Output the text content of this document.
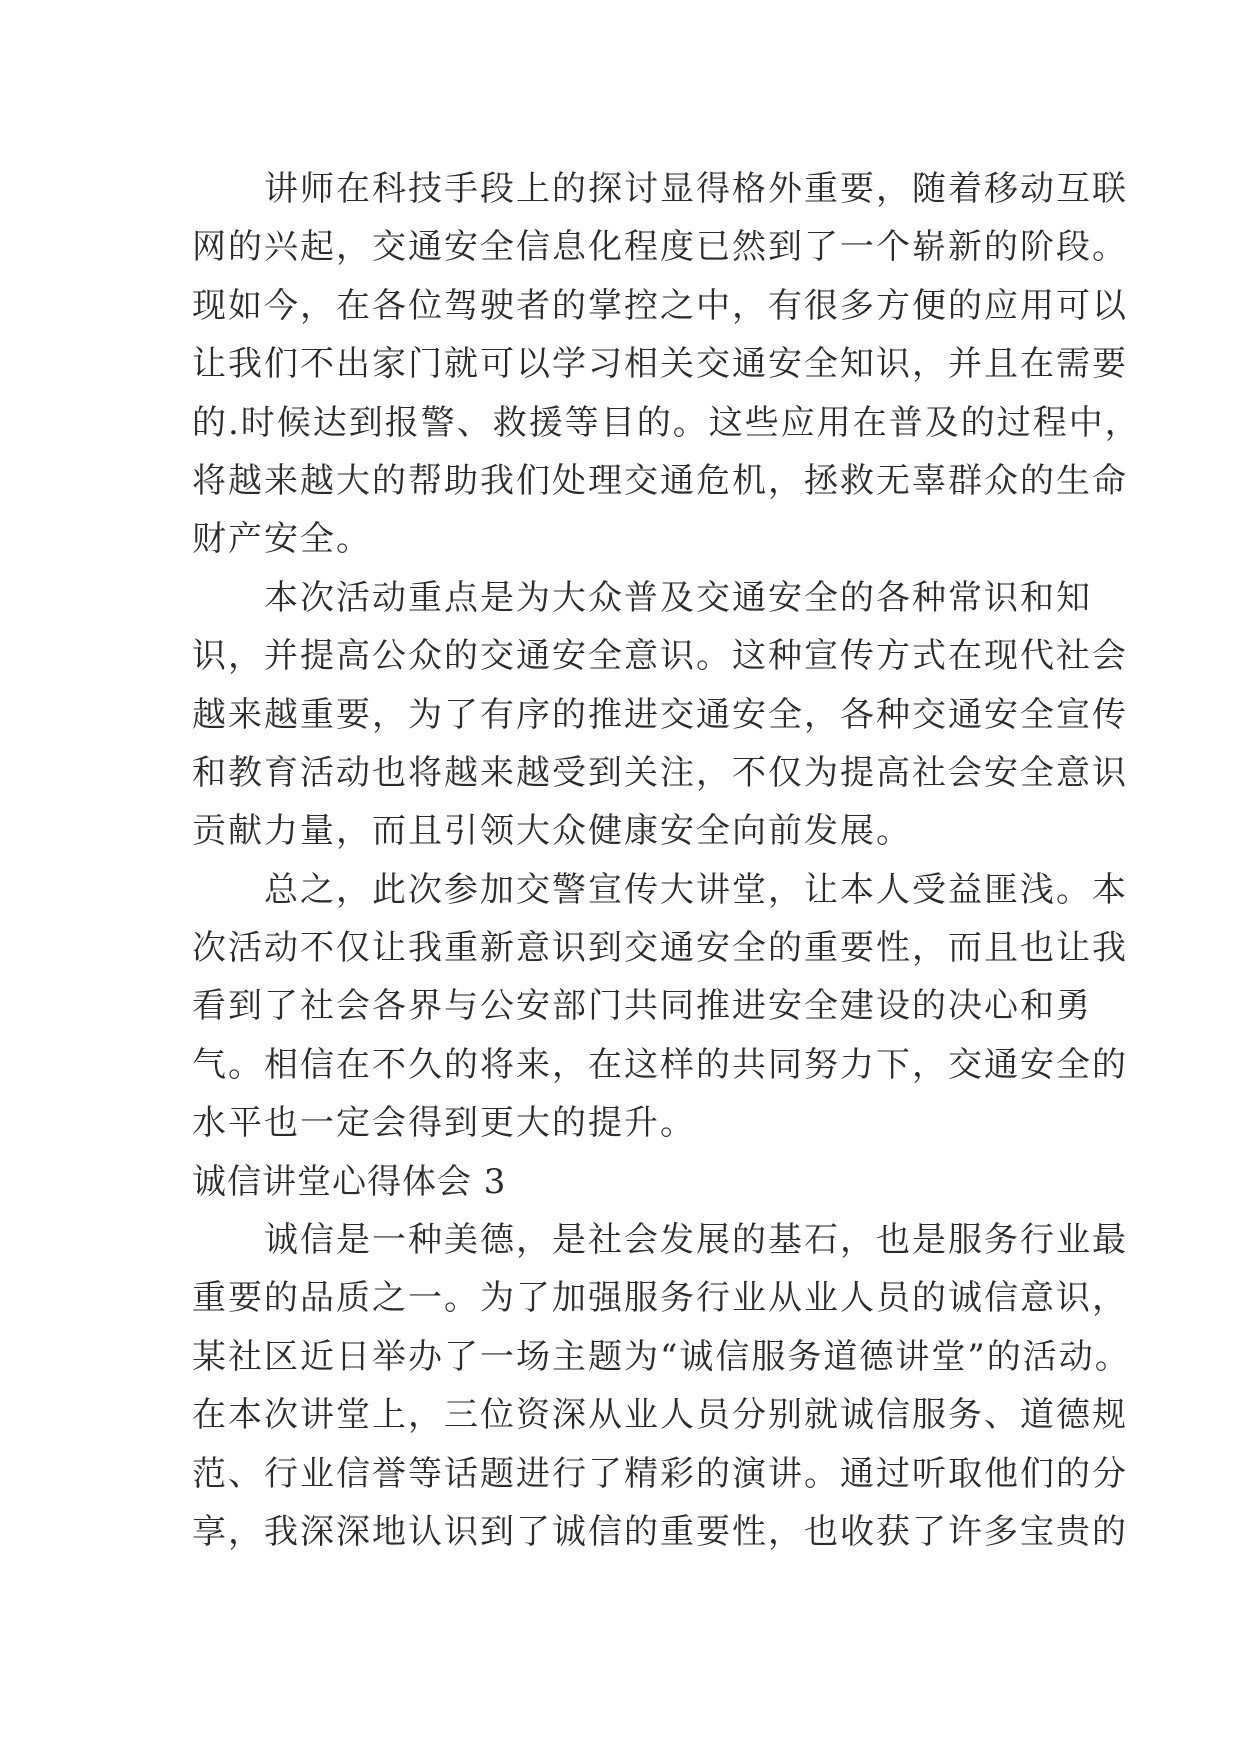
　　讲师在科技手段上的探讨显得格外重要，随着移动互联
网的兴起，交通安全信息化程度已然到了一个崭新的阶段。
现如今，在各位驾驶者的掌控之中，有很多方便的应用可以
让我们不出家门就可以学习相关交通安全知识，并且在需要
的.时候达到报警、救援等目的。这些应用在普及的过程中，
将越来越大的帮助我们处理交通危机，拯救无辜群众的生命
财产安全。
　　本次活动重点是为大众普及交通安全的各种常识和知
识，并提高公众的交通安全意识。这种宣传方式在现代社会
越来越重要，为了有序的推进交通安全，各种交通安全宣传
和教育活动也将越来越受到关注，不仅为提高社会安全意识
贡献力量，而且引领大众健康安全向前发展。
　　总之，此次参加交警宣传大讲堂，让本人受益匪浅。本
次活动不仅让我重新意识到交通安全的重要性，而且也让我
看到了社会各界与公安部门共同推进安全建设的决心和勇
气。相信在不久的将来，在这样的共同努力下，交通安全的
水平也一定会得到更大的提升。
诚信讲堂心得体会 3
　　诚信是一种美德，是社会发展的基石，也是服务行业最
重要的品质之一。为了加强服务行业从业人员的诚信意识，
某社区近日举办了一场主题为“诚信服务道德讲堂”的活动。
在本次讲堂上，三位资深从业人员分别就诚信服务、道德规
范、行业信誉等话题进行了精彩的演讲。通过听取他们的分
享，我深深地认识到了诚信的重要性，也收获了许多宝贵的
